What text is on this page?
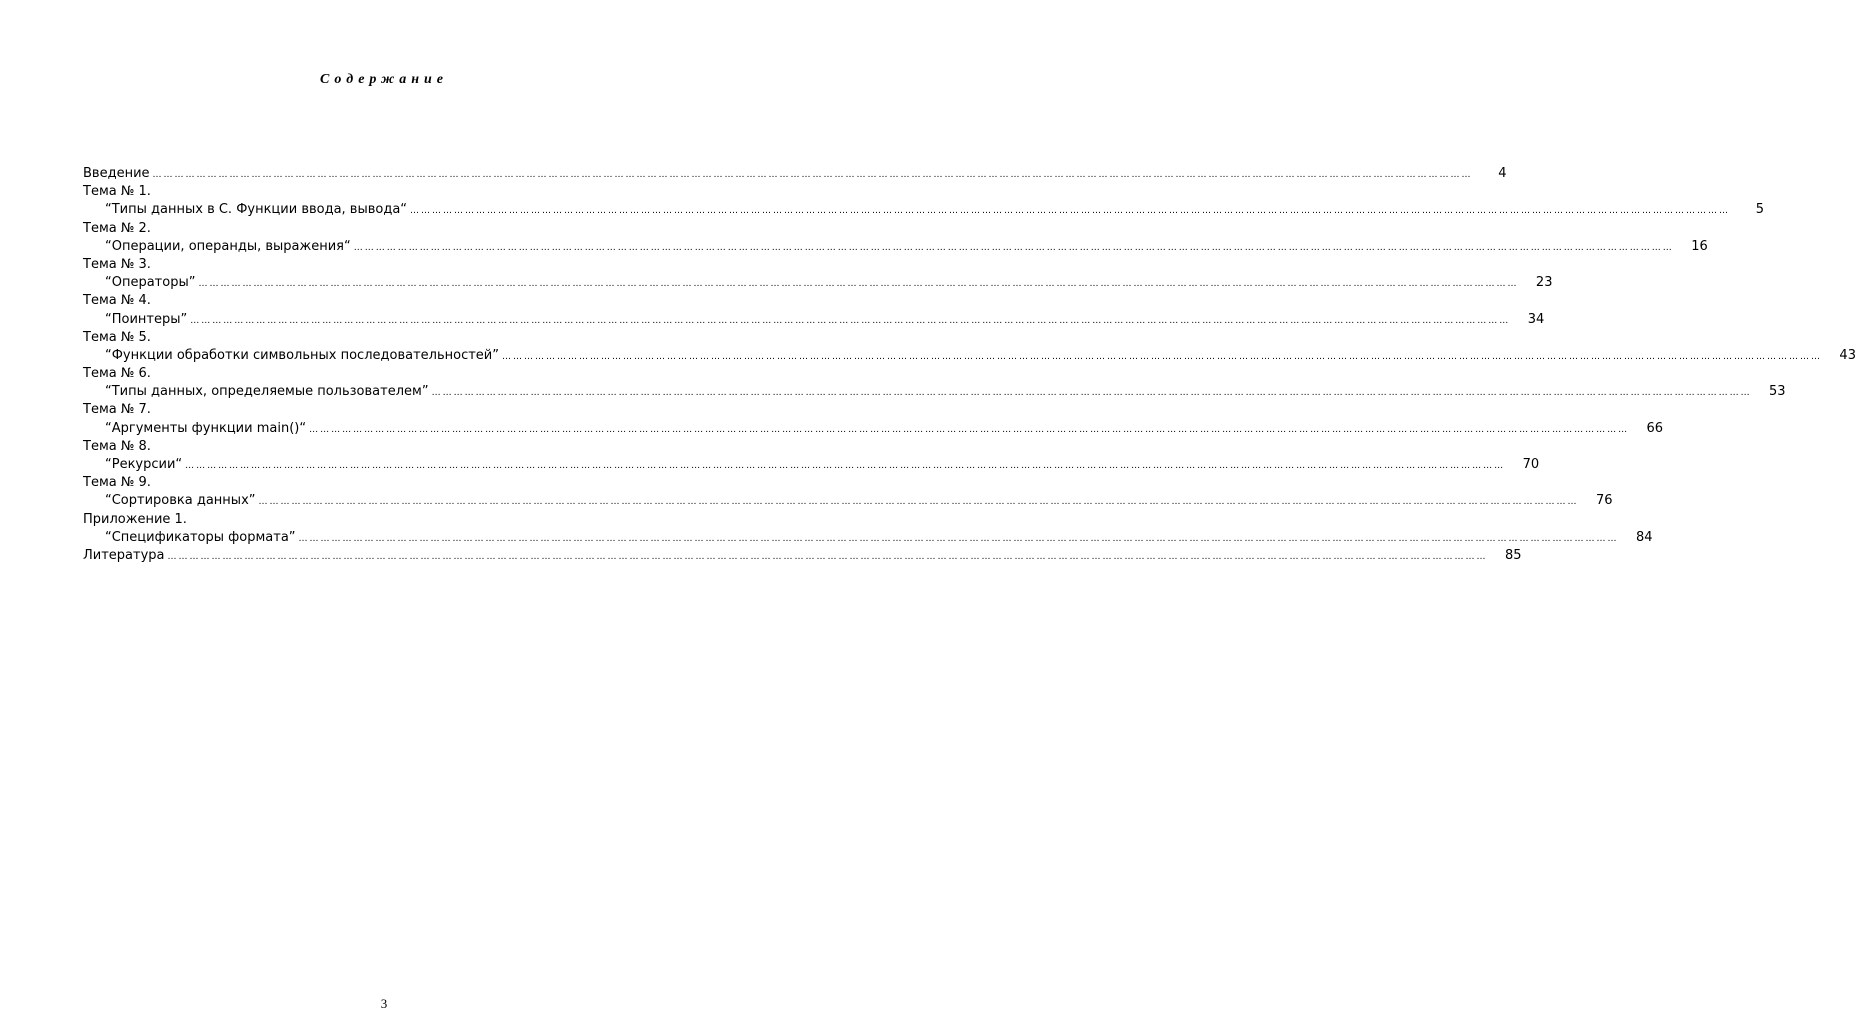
Содержание
Введение ………………………………………………………………………………………………………………………………………………………………………………………………………………………………………………………………………………………………………………………………	4
Тема № 1.
“Типы данных в С. Функции ввода, вывода“ ………………………………………………………………………………………………………………………………………………………………………………………………………………………………………………………………………………………………………………………………	5
Тема № 2.
“Операции, операнды, выражения“ ………………………………………………………………………………………………………………………………………………………………………………………………………………………………………………………………………………………………………………………………	16
Тема № 3.
“Операторы” ………………………………………………………………………………………………………………………………………………………………………………………………………………………………………………………………………………………………………………………………	23
Тема № 4.
“Поинтеры” ………………………………………………………………………………………………………………………………………………………………………………………………………………………………………………………………………………………………………………………………	34
Тема № 5.
“Функции обработки символьных последовательностей” ………………………………………………………………………………………………………………………………………………………………………………………………………………………………………………………………………………………………………………………………	43
Тема № 6.
“Типы данных, определяемые пользователем” ………………………………………………………………………………………………………………………………………………………………………………………………………………………………………………………………………………………………………………………………	53
Тема № 7.
“Аргументы функции main()“ ………………………………………………………………………………………………………………………………………………………………………………………………………………………………………………………………………………………………………………………………	66
Тема № 8.
“Рекурсии“ ………………………………………………………………………………………………………………………………………………………………………………………………………………………………………………………………………………………………………………………………	70
Тема № 9.
“Сортировка данных” ………………………………………………………………………………………………………………………………………………………………………………………………………………………………………………………………………………………………………………………………	76
Приложение 1.
“Спецификаторы формата” ………………………………………………………………………………………………………………………………………………………………………………………………………………………………………………………………………………………………………………………………	84
Литература ………………………………………………………………………………………………………………………………………………………………………………………………………………………………………………………………………………………………………………………………	85
3
